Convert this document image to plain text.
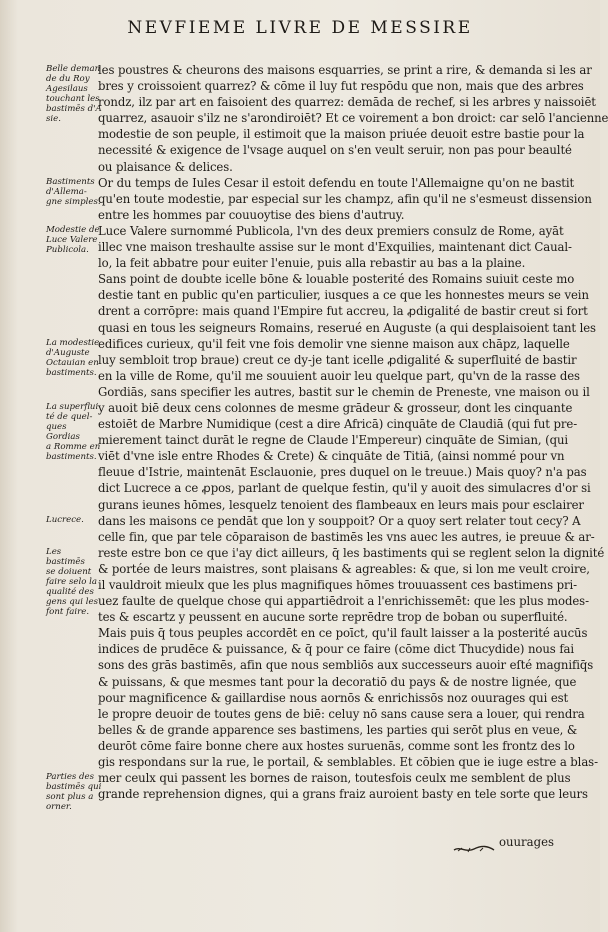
NEVFIEME LIVRE DE MESSIRE
Belle deman
de du Roy
Agesilaus
touchant les
bastimēs d'A
sie.
Bastiments
d'Allema-
gne simples.
Modestie de
Luce Valere
Publicola.
La modestie
d'Auguste
Octauian en
bastiments.
La superflui
té de quel-
ques Gordias
a Romme en
bastiments.
Lucrece.
Les bastimēs
se doiuent
faire selo la
qualité des
gens qui les
font faire.
Parties des
bastimēs qui
sont plus a
orner.
les poustres & cheurons des maisons esquarries, se print a rire, & demanda si les ar
bres y croissoient quarrez? & cōme il luy fut respōdu que non, mais que des arbres
rondz, ilz par art en faisoient des quarrez: demāda de rechef, si les arbres y naissoiēt
quarrez, asauoir s'ilz ne s'arondiroiēt? Et ce voirement a bon droict: car selō l'ancienne
modestie de son peuple, il estimoit que la maison priuée deuoit estre bastie pour la
necessité & exigence de l'vsage auquel on s'en veult seruir, non pas pour beaulté
ou plaisance & delices.
Or du temps de Iules Cesar il estoit defendu en toute l'Allemaigne qu'on ne bastit
qu'en toute modestie, par especial sur les champz, afin qu'il ne s'esmeust dissension
entre les hommes par couuoytise des biens d'autruy.
Luce Valere surnommé Publicola, l'vn des deux premiers consulz de Rome, ayāt
illec vne maison treshaulte assise sur le mont d'Exquilies, maintenant dict Caual-
lo, la feit abbatre pour euiter l'enuie, puis alla rebastir au bas a la plaine.
Sans point de doubte icelle bōne & louable posterité des Romains suiuit ceste mo
destie tant en public qu'en particulier, iusques a ce que les honnestes meurs se vein
drent a corrōpre: mais quand l'Empire fut accreu, la ꝓdigalité de bastir creut si fort
quasi en tous les seigneurs Romains, reserué en Auguste (a qui desplaisoient tant les
edifices curieux, qu'il feit vne fois demolir vne sienne maison aux chāpz, laquelle
luy sembloit trop braue) creut ce dy-je tant icelle ꝓdigalité & superfluité de bastir
en la ville de Rome, qu'il me souuient auoir leu quelque part, qu'vn de la rasse des
Gordiās, sans specifier les autres, bastit sur le chemin de Preneste, vne maison ou il
y auoit biē deux cens colonnes de mesme grādeur & grosseur, dont les cinquante
estoiēt de Marbre Numidique (cest a dire Africā) cinquāte de Claudiā (qui fut pre-
mierement tainct durāt le regne de Claude l'Empereur) cinquāte de Simian, (qui
viēt d'vne isle entre Rhodes & Crete) & cinquāte de Titiā, (ainsi nommé pour vn
fleuue d'Istrie, maintenāt Esclauonie, pres duquel on le treuue.) Mais quoy? n'a pas
dict Lucrece a ce ꝓpos, parlant de quelque festin, qu'il y auoit des simulacres d'or si
gurans ieunes hōmes, lesquelz tenoient des flambeaux en leurs mais pour esclairer
dans les maisons ce pendāt que lon y souppoit? Or a quoy sert relater tout cecy? A
celle fin, que par tele cōparaison de bastimēs les vns auec les autres, ie preuue & ar-
reste estre bon ce que i'ay dict ailleurs, q̄ les bastiments qui se reglent selon la dignité
& portée de leurs maistres, sont plaisans & agreables: & que, si lon me veult croire,
il vauldroit mieulx que les plus magnifiques hōmes trouuassent ces bastimens pri-
uez faulte de quelque chose qui appartiēdroit a l'enrichissemēt: que les plus modes-
tes & escartz y peussent en aucune sorte reprēdre trop de boban ou superfluité.
Mais puis q̄ tous peuples accordēt en ce poīct, qu'il fault laisser a la posterité aucūs
indices de prudēce & puissance, & q̄ pour ce faire (cōme dict Thucydide) nous fai
sons des grās bastimēs, afin que nous sembliōs aux successeurs auoir eſté magnifiq̄s
& puissans, & que mesmes tant pour la decoratiō du pays & de nostre lignée, que
pour magnificence & gaillardise nous aornōs & enrichissōs noz ouurages qui est
le propre deuoir de toutes gens de biē: celuy nō sans cause sera a louer, qui rendra
belles & de grande apparence ses bastimens, les parties qui serōt plus en veue, &
deurōt cōme faire bonne chere aux hostes suruenās, comme sont les frontz des lo
gis respondans sur la rue, le portail, & semblables. Et cōbien que ie iuge estre a blas-
mer ceulx qui passent les bornes de raison, toutesfois ceulx me semblent de plus
grande reprehension dignes, qui a grans fraiz auroient basty en tele sorte que leurs
ouurages
